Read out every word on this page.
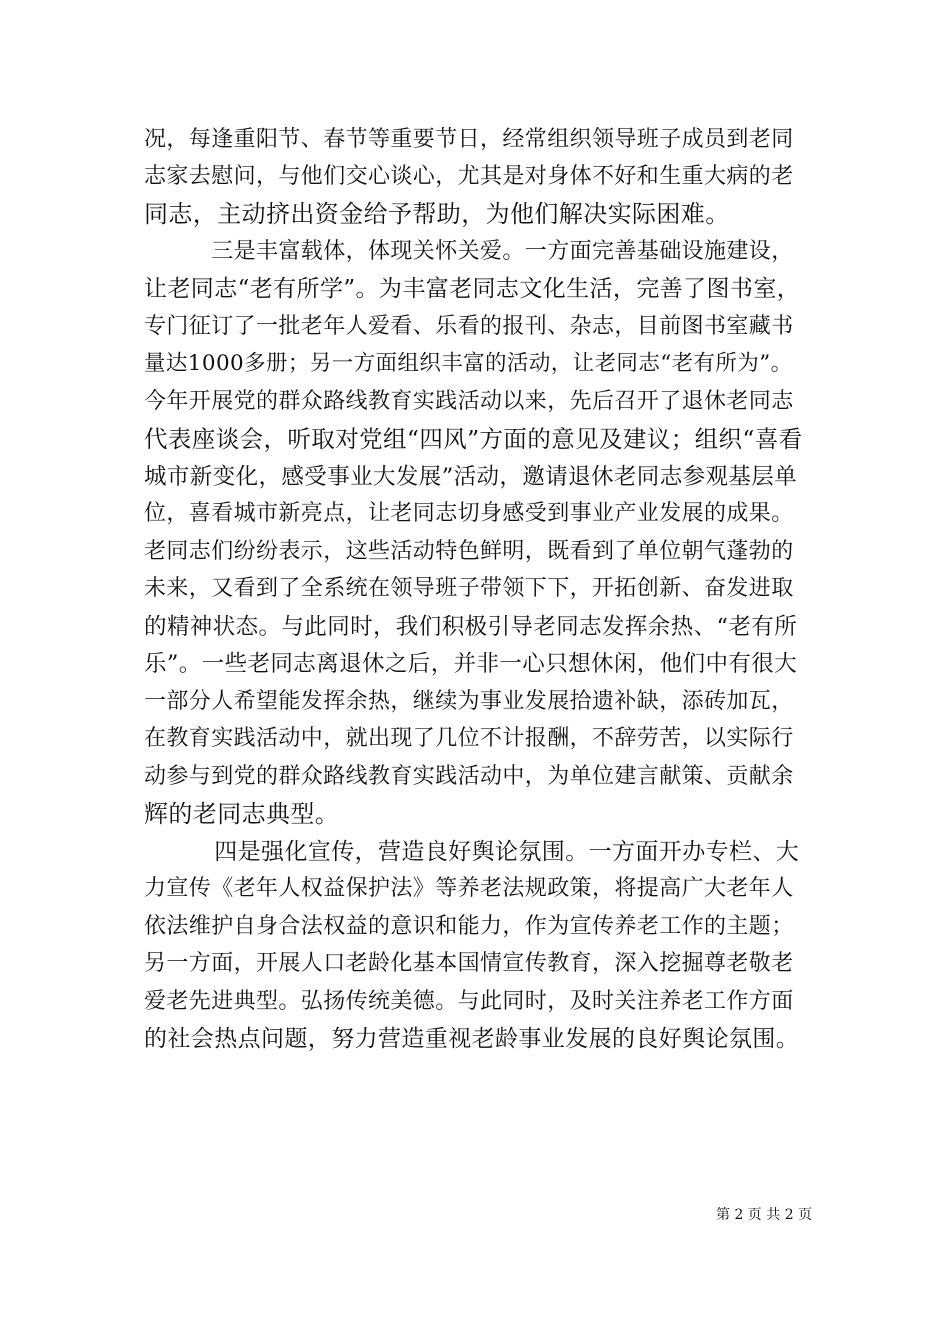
况，每逢重阳节、春节等重要节日，经常组织领导班子成员到老同

志家去慰问，与他们交心谈心，尤其是对身体不好和生重大病的老

同志，主动挤出资金给予帮助，为他们解决实际困难。

　　　三是丰富载体，体现关怀关爱。一方面完善基础设施建设，

让老同志“老有所学”。为丰富老同志文化生活，完善了图书室，

专门征订了一批老年人爱看、乐看的报刊、杂志，目前图书室藏书

量达1000多册；另一方面组织丰富的活动，让老同志“老有所为”。

今年开展党的群众路线教育实践活动以来，先后召开了退休老同志

代表座谈会，听取对党组“四风”方面的意见及建议；组织“喜看

城市新变化，感受事业大发展”活动，邀请退休老同志参观基层单

位，喜看城市新亮点，让老同志切身感受到事业产业发展的成果。

老同志们纷纷表示，这些活动特色鲜明，既看到了单位朝气蓬勃的

未来，又看到了全系统在领导班子带领下下，开拓创新、奋发进取

的精神状态。与此同时，我们积极引导老同志发挥余热、“老有所

乐”。一些老同志离退休之后，并非一心只想休闲，他们中有很大

一部分人希望能发挥余热，继续为事业发展拾遗补缺，添砖加瓦，

在教育实践活动中，就出现了几位不计报酬，不辞劳苦，以实际行

动参与到党的群众路线教育实践活动中，为单位建言献策、贡献余

辉的老同志典型。

　　　四是强化宣传，营造良好舆论氛围。一方面开办专栏、大

力宣传《老年人权益保护法》等养老法规政策，将提高广大老年人

依法维护自身合法权益的意识和能力，作为宣传养老工作的主题；

另一方面，开展人口老龄化基本国情宣传教育，深入挖掘尊老敬老

爱老先进典型。弘扬传统美德。与此同时，及时关注养老工作方面

的社会热点问题，努力营造重视老龄事业发展的良好舆论氛围。

第 2 页 共 2 页
